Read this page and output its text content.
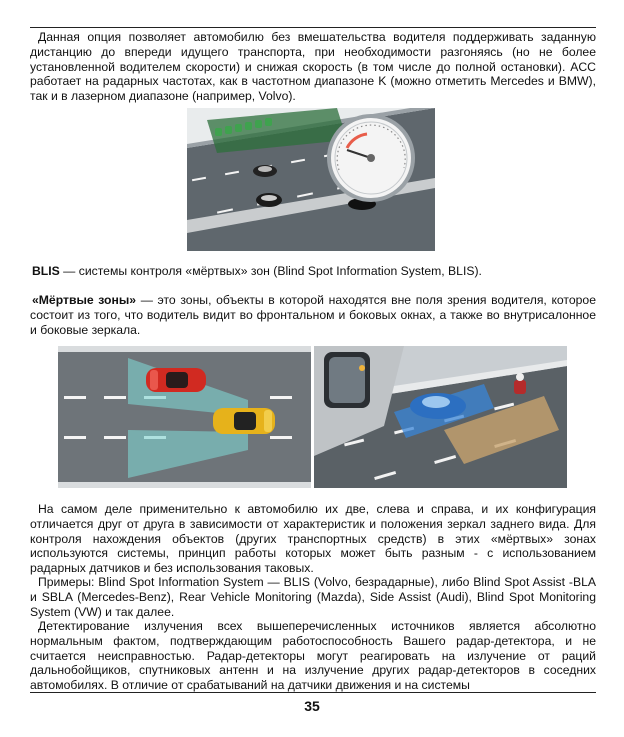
Данная опция позволяет автомобилю без вмешательства водителя поддерживать заданную дистанцию до впереди идущего транспорта, при необходимости разгоняясь (но не более установленной водителем скорости) и снижая скорость (в том числе до полной остановки). ACC работает на радарных частотах, как в частотном диапазоне K (можно отметить Mercedes и BMW), так и в лазерном диапазоне (например, Volvo).

BLIS — системы контроля «мёртвых» зон (Blind Spot Information System, BLIS).

«Мёртвые зоны» — это зоны, объекты в которой находятся вне поля зрения водителя, которое состоит из того, что водитель видит во фронтальном и боковых окнах, а также во внутрисалонное и боковые зеркала.

На самом деле применительно к автомобилю их две, слева и справа, и их конфигурация отличается друг от друга в зависимости от характеристик и положения зеркал заднего вида. Для контроля нахождения объектов (других транспортных средств) в этих «мёртвых» зонах используются системы, принцип работы которых может быть разным - с использованием радарных датчиков и без использования таковых.

Примеры: Blind Spot Information System — BLIS (Volvo, безрадарные), либо Blind Spot Assist -BLA и SBLA (Mercedes-Benz), Rear Vehicle Monitoring (Mazda), Side Assist (Audi), Blind Spot Monitoring System (VW) и так далее.

Детектирование излучения всех вышеперечисленных источников является абсолютно нормальным фактом, подтверждающим работоспособность Вашего радар-детектора, и не считается неисправностью. Радар-детекторы могут реагировать на излучение от раций дальнобойщиков, спутниковых антенн и на излучение других радар-детекторов в соседних автомобилях. В отличие от срабатываний на датчики движения и на системы

35
